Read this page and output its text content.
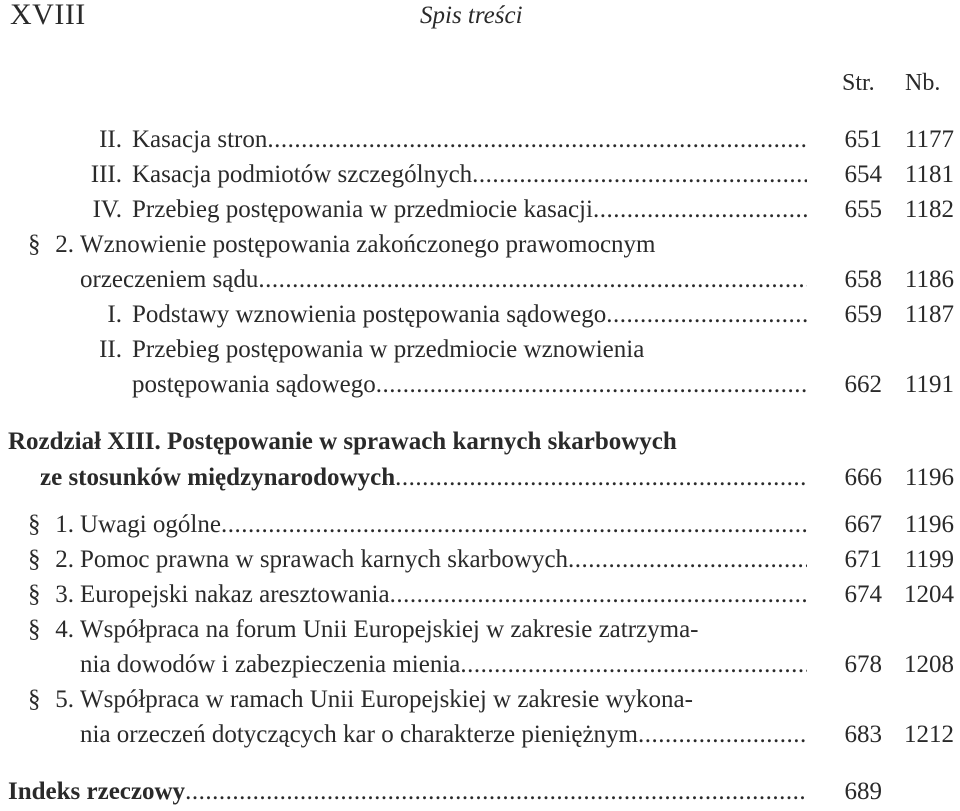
XVIII	Spis treści
Str. Nb.
II. Kasacja stron .....	651 1177
III. Kasacja podmiotów szczególnych .....	654 1181
IV. Przebieg postępowania w przedmiocie kasacji .....	655 1182
§ 2. Wznowienie postępowania zakończonego prawomocnym
orzeczeniem sądu .....	658 1186
I. Podstawy wznowienia postępowania sądowego .....	659 1187
II. Przebieg postępowania w przedmiocie wznowienia
postępowania sądowego .....	662 1191
Rozdział XIII. Postępowanie w sprawach karnych skarbowych
ze stosunków międzynarodowych .....	666 1196
§ 1. Uwagi ogólne .....	667 1196
§ 2. Pomoc prawna w sprawach karnych skarbowych .....	671 1199
§ 3. Europejski nakaz aresztowania .....	674 1204
§ 4. Współpraca na forum Unii Europejskiej w zakresie zatrzyma-
nia dowodów i zabezpieczenia mienia .....	678 1208
§ 5. Współpraca w ramach Unii Europejskiej w zakresie wykona-
nia orzeczeń dotyczących kar o charakterze pieniężnym .....	683 1212
Indeks rzeczowy .....	689
